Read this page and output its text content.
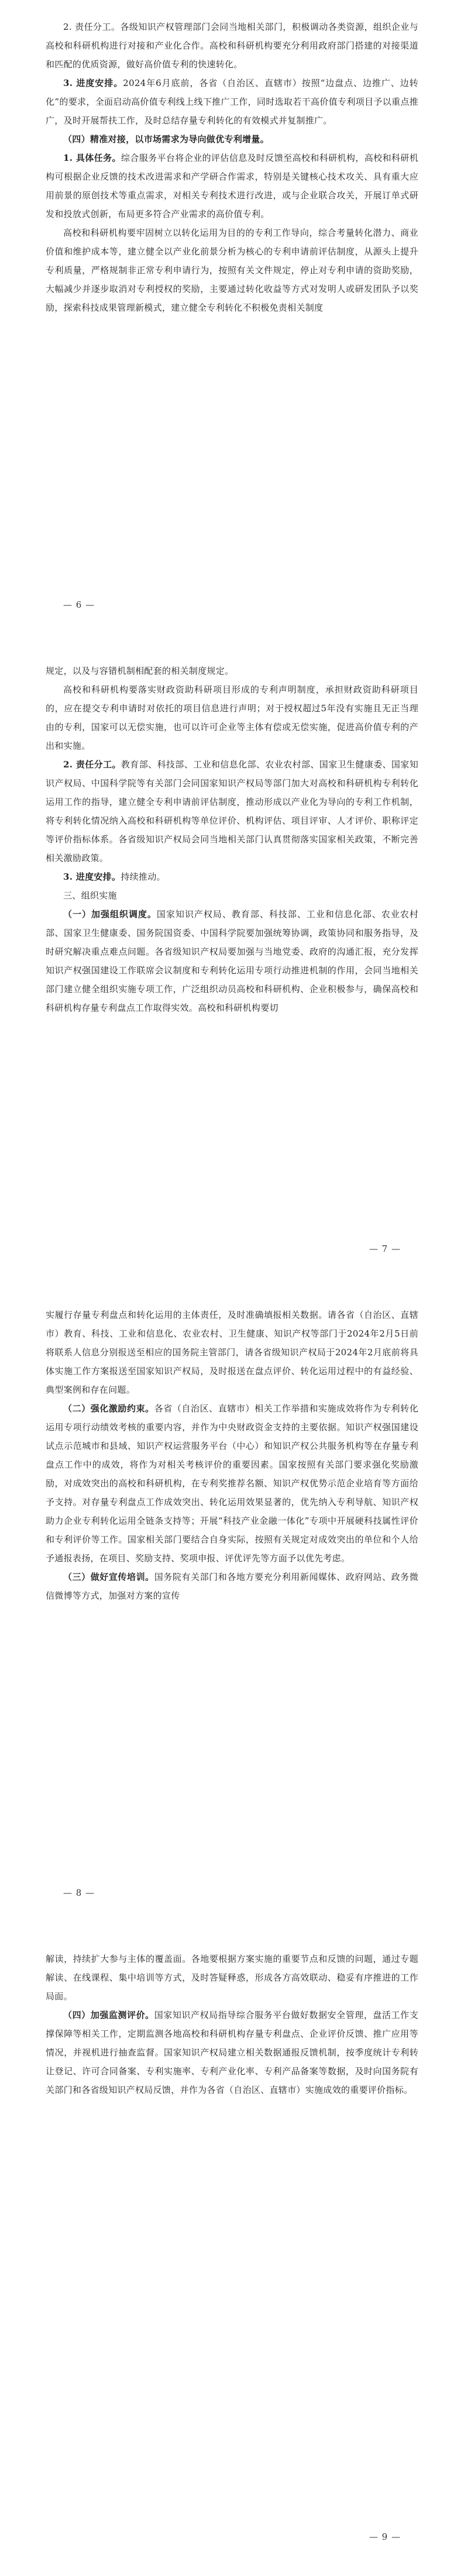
2. 责任分工。各级知识产权管理部门会同当地相关部门，积极调动各类资源，组织企业与高校和科研机构进行对接和产业化合作。高校和科研机构要充分利用政府部门搭建的对接渠道和匹配的优质资源，做好高价值专利的快速转化。

3. 进度安排。2024年6月底前，各省（自治区、直辖市）按照“边盘点、边推广、边转化”的要求，全面启动高价值专利线上线下推广工作，同时选取若干高价值专利项目予以重点推广，及时开展帮扶工作，及时总结存量专利转化的有效模式并复制推广。

（四）精准对接，以市场需求为导向做优专利增量。

1. 具体任务。综合服务平台将企业的评估信息及时反馈至高校和科研机构，高校和科研机构可根据企业反馈的技术改进需求和产学研合作需求，特别是关键核心技术攻关、具有重大应用前景的原创技术等重点需求，对相关专利技术进行改进，或与企业联合攻关，开展订单式研发和投放式创新，布局更多符合产业需求的高价值专利。

高校和科研机构要牢固树立以转化运用为目的的专利工作导向，综合考量转化潜力、商业价值和维护成本等，建立健全以产业化前景分析为核心的专利申请前评估制度，从源头上提升专利质量，严格规制非正常专利申请行为，按照有关文件规定，停止对专利申请的资助奖励，大幅减少并逐步取消对专利授权的奖励，主要通过转化收益等方式对发明人或研发团队予以奖励，探索科技成果管理新模式，建立健全专利转化不积极免责相关制度

— 6 —

规定，以及与容错机制相配套的相关制度规定。

高校和科研机构要落实财政资助科研项目形成的专利声明制度，承担财政资助科研项目的，应在提交专利申请时对依托的项目信息进行声明；对于授权超过5年没有实施且无正当理由的专利，国家可以无偿实施，也可以许可企业等主体有偿或无偿实施，促进高价值专利的产出和实施。

2. 责任分工。教育部、科技部、工业和信息化部、农业农村部、国家卫生健康委、国家知识产权局、中国科学院等有关部门会同国家知识产权局等部门加大对高校和科研机构专利转化运用工作的指导，建立健全专利申请前评估制度，推动形成以产业化为导向的专利工作机制，将专利转化情况纳入高校和科研机构等单位评价、机构评估、项目评审、人才评价、职称评定等评价指标体系。各省级知识产权局会同当地相关部门认真贯彻落实国家相关政策，不断完善相关激励政策。

3. 进度安排。持续推动。

三、组织实施

（一）加强组织调度。国家知识产权局、教育部、科技部、工业和信息化部、农业农村部、国家卫生健康委、国务院国资委、中国科学院要加强统筹协调，政策协同和服务指导，及时研究解决重点难点问题。各省级知识产权局要加强与当地党委、政府的沟通汇报，充分发挥知识产权强国建设工作联席会议制度和专利转化运用专项行动推进机制的作用，会同当地相关部门建立健全组织实施专项工作，广泛组织动员高校和科研机构、企业积极参与，确保高校和科研机构存量专利盘点工作取得实效。高校和科研机构要切

— 7 —

实履行存量专利盘点和转化运用的主体责任，及时准确填报相关数据。请各省（自治区、直辖市）教育、科技、工业和信息化、农业农村、卫生健康、知识产权等部门于2024年2月5日前将联系人信息分别报送至相应的国务院主管部门，请各省级知识产权局于2024年2月底前将具体实施工作方案报送至国家知识产权局，及时报送在盘点评价、转化运用过程中的有益经验、典型案例和存在问题。

（二）强化激励约束。各省（自治区、直辖市）相关工作举措和实施成效将作为专利转化运用专项行动绩效考核的重要内容，并作为中央财政资金支持的主要依据。知识产权强国建设试点示范城市和县域、知识产权运营服务平台（中心）和知识产权公共服务机构等在存量专利盘点工作中的成效，将作为对相关考核评价的重要因素。国家按照有关部门要求强化奖励激励，对成效突出的高校和科研机构，在专利奖推荐名额、知识产权优势示范企业培育等方面给予支持。对存量专利盘点工作成效突出、转化运用效果显著的，优先纳入专利导航、知识产权助力企业专利转化运用全链条支持等；开展“科技产业金融一体化”专项中开展硬科技属性评价和专利评价等工作。国家相关部门要结合自身实际，按照有关规定对成效突出的单位和个人给予通报表扬，在项目、奖励支持、奖项申报、评优评先等方面予以优先考虑。

（三）做好宣传培训。国务院有关部门和各地方要充分利用新闻媒体、政府网站、政务微信微博等方式，加强对方案的宣传

— 8 —

解读，持续扩大参与主体的覆盖面。各地要根据方案实施的重要节点和反馈的问题，通过专题解读、在线课程、集中培训等方式，及时答疑释惑，形成各方高效联动、稳妥有序推进的工作局面。

（四）加强监测评价。国家知识产权局指导综合服务平台做好数据安全管理，盘活工作支撑保障等相关工作，定期监测各地高校和科研机构存量专利盘点、企业评价反馈、推广应用等情况，并视机进行抽查监督。国家知识产权局建立相关数据通报反馈机制，按季度统计专利转让登记、许可合同备案、专利实施率、专利产业化率、专利产品备案等数据，及时向国务院有关部门和各省级知识产权局反馈，并作为各省（自治区、直辖市）实施成效的重要评价指标。

— 9 —
